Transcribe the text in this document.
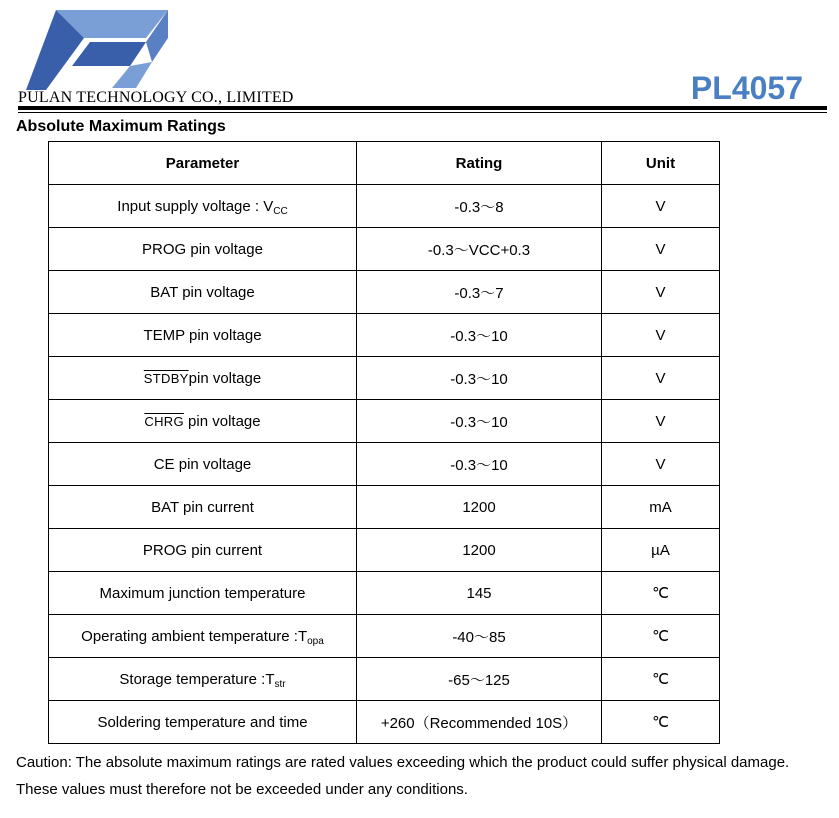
PULAN TECHNOLOGY CO., LIMITED	PL4057
Absolute Maximum Ratings
Parameter	Rating	Unit
Input supply voltage : $V_{CC}$	-0.3～8	V
PROG pin voltage	-0.3～VCC+0.3	V
BAT pin voltage	-0.3～7	V
TEMP pin voltage	-0.3～10	V
STDBYpin voltage	-0.3～10	V
CHRG pin voltage	-0.3～10	V
CE pin voltage	-0.3～10	V
BAT pin current	1200	mA
PROG pin current	1200	µA
Maximum junction temperature	145	℃
Operating ambient temperature $:T_{opa}$	-40～85	℃
Storage temperature $:T_{str}$	-65～125	℃
Soldering temperature and time	+260（Recommended 10S）	℃
Caution: The absolute maximum ratings are rated values exceeding which the product could suffer physical damage.
These values must therefore not be exceeded under any conditions.
